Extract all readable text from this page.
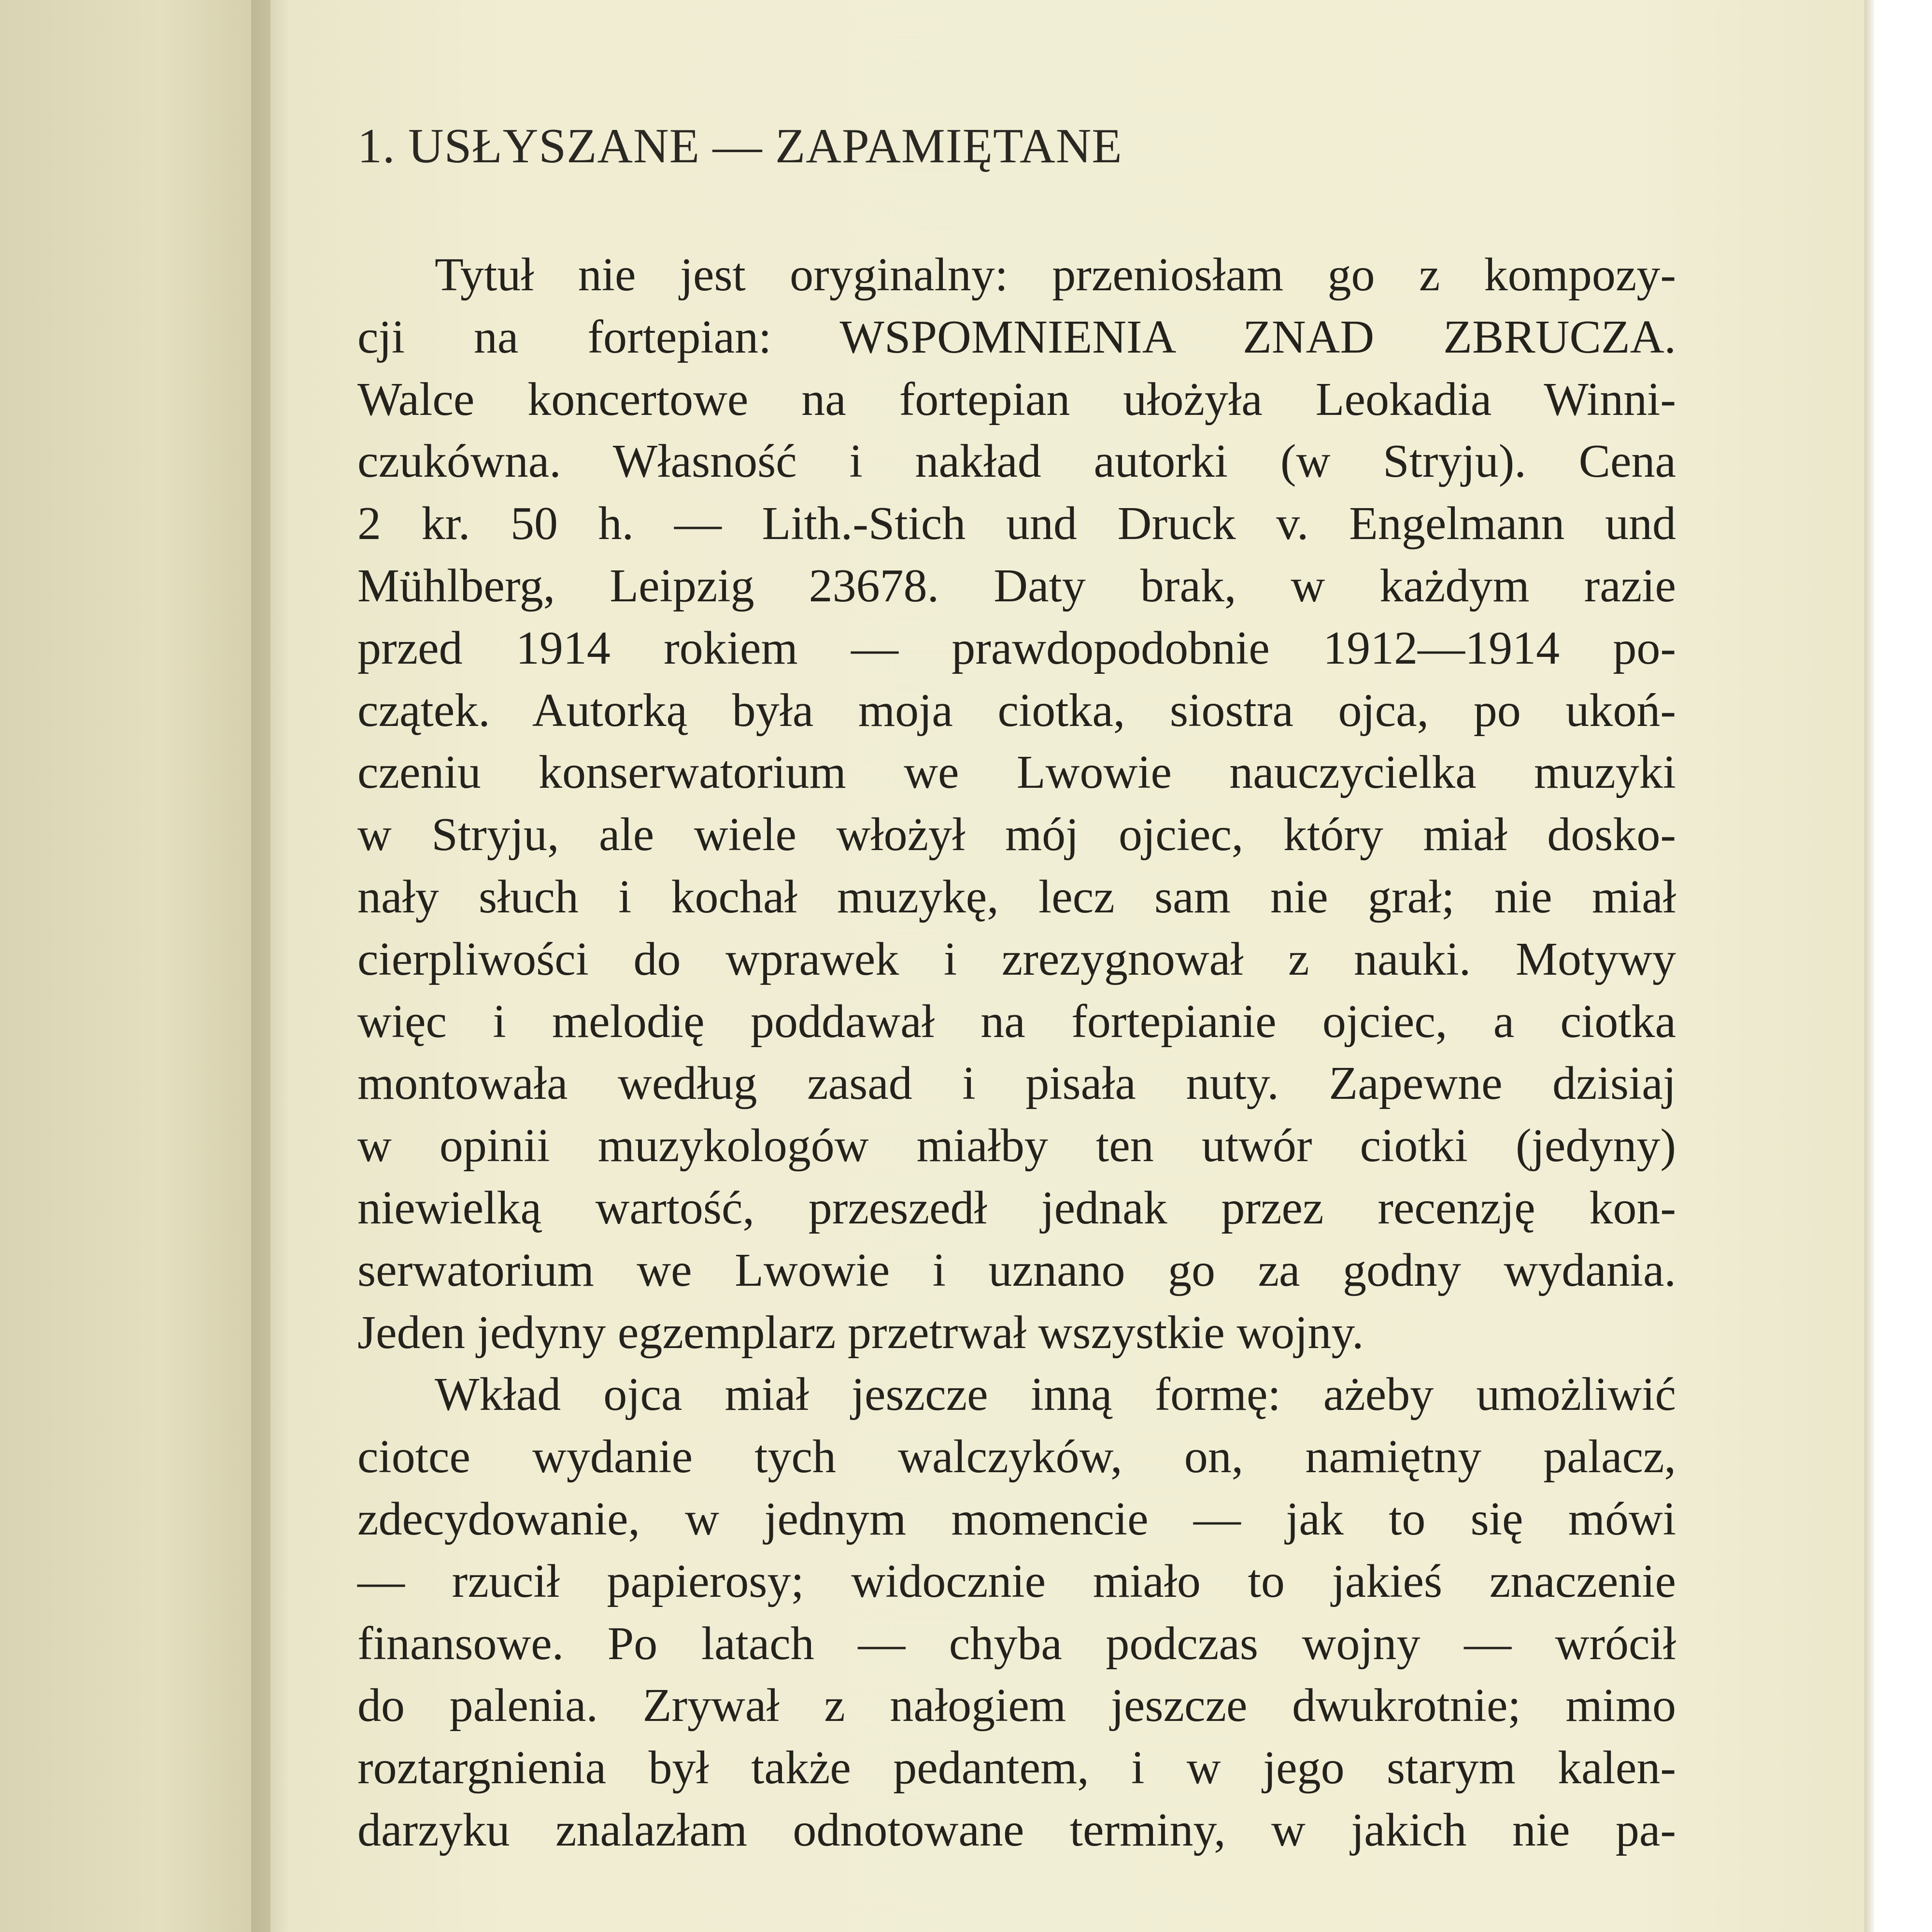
1. USŁYSZANE — ZAPAMIĘTANE
Tytuł nie jest oryginalny: przeniosłam go z kompozy-
cji na fortepian: WSPOMNIENIA ZNAD ZBRUCZA.
Walce koncertowe na fortepian ułożyła Leokadia Winni-
czukówna. Własność i nakład autorki (w Stryju). Cena
2 kr. 50 h. — Lith.-Stich und Druck v. Engelmann und
Mühlberg, Leipzig 23678. Daty brak, w każdym razie
przed 1914 rokiem — prawdopodobnie 1912—1914 po-
czątek. Autorką była moja ciotka, siostra ojca, po ukoń-
czeniu konserwatorium we Lwowie nauczycielka muzyki
w Stryju, ale wiele włożył mój ojciec, który miał dosko-
nały słuch i kochał muzykę, lecz sam nie grał; nie miał
cierpliwości do wprawek i zrezygnował z nauki. Motywy
więc i melodię poddawał na fortepianie ojciec, a ciotka
montowała według zasad i pisała nuty. Zapewne dzisiaj
w opinii muzykologów miałby ten utwór ciotki (jedyny)
niewielką wartość, przeszedł jednak przez recenzję kon-
serwatorium we Lwowie i uznano go za godny wydania.
Jeden jedyny egzemplarz przetrwał wszystkie wojny.
Wkład ojca miał jeszcze inną formę: ażeby umożliwić
ciotce wydanie tych walczyków, on, namiętny palacz,
zdecydowanie, w jednym momencie — jak to się mówi
— rzucił papierosy; widocznie miało to jakieś znaczenie
finansowe. Po latach — chyba podczas wojny — wrócił
do palenia. Zrywał z nałogiem jeszcze dwukrotnie; mimo
roztargnienia był także pedantem, i w jego starym kalen-
darzyku znalazłam odnotowane terminy, w jakich nie pa-
